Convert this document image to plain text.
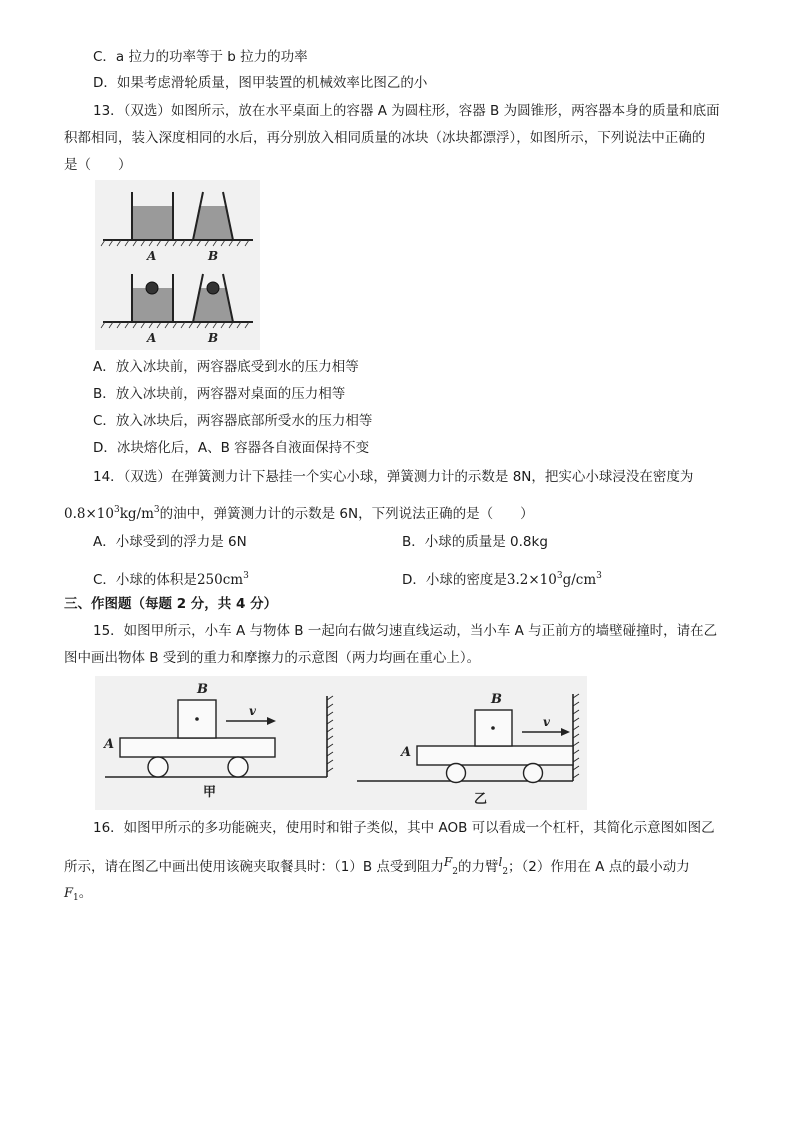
C．a 拉力的功率等于 b 拉力的功率
D．如果考虑滑轮质量，图甲装置的机械效率比图乙的小
13．（双选）如图所示，放在水平桌面上的容器 A 为圆柱形，容器 B 为圆锥形，两容器本身的质量和底面
积都相同，装入深度相同的水后，再分别放入相同质量的冰块（冰块都漂浮），如图所示，下列说法中正确的
是（　　）
A	B
A	B
A．放入冰块前，两容器底受到水的压力相等
B．放入冰块前，两容器对桌面的压力相等
C．放入冰块后，两容器底部所受水的压力相等
D．冰块熔化后，A、B 容器各自液面保持不变
14．（双选）在弹簧测力计下悬挂一个实心小球，弹簧测力计的示数是 8N，把实心小球浸没在密度为
$0.8\times 10^3kg/m^3$的油中，弹簧测力计的示数是 6N，下列说法正确的是（　　）
A．小球受到的浮力是 6N	B．小球的质量是 0.8kg
C．小球的体积是$250cm^3$	D．小球的密度是$3.2\times 10^3g/cm^3$
三、作图题（每题 2 分，共 4 分）
15．如图甲所示，小车 A 与物体 B 一起向右做匀速直线运动，当小车 A 与正前方的墙壁碰撞时，请在乙
图中画出物体 B 受到的重力和摩擦力的示意图（两力均画在重心上）。
v
B
A
甲
v
B
A
乙
16．如图甲所示的多功能碗夹，使用时和钳子类似，其中 AOB 可以看成一个杠杆，其简化示意图如图乙
所示，请在图乙中画出使用该碗夹取餐具时：（1）B 点受到阻力$F_2$的力臂$l_2$；（2）作用在 A 点的最小动力
$F_1$。
